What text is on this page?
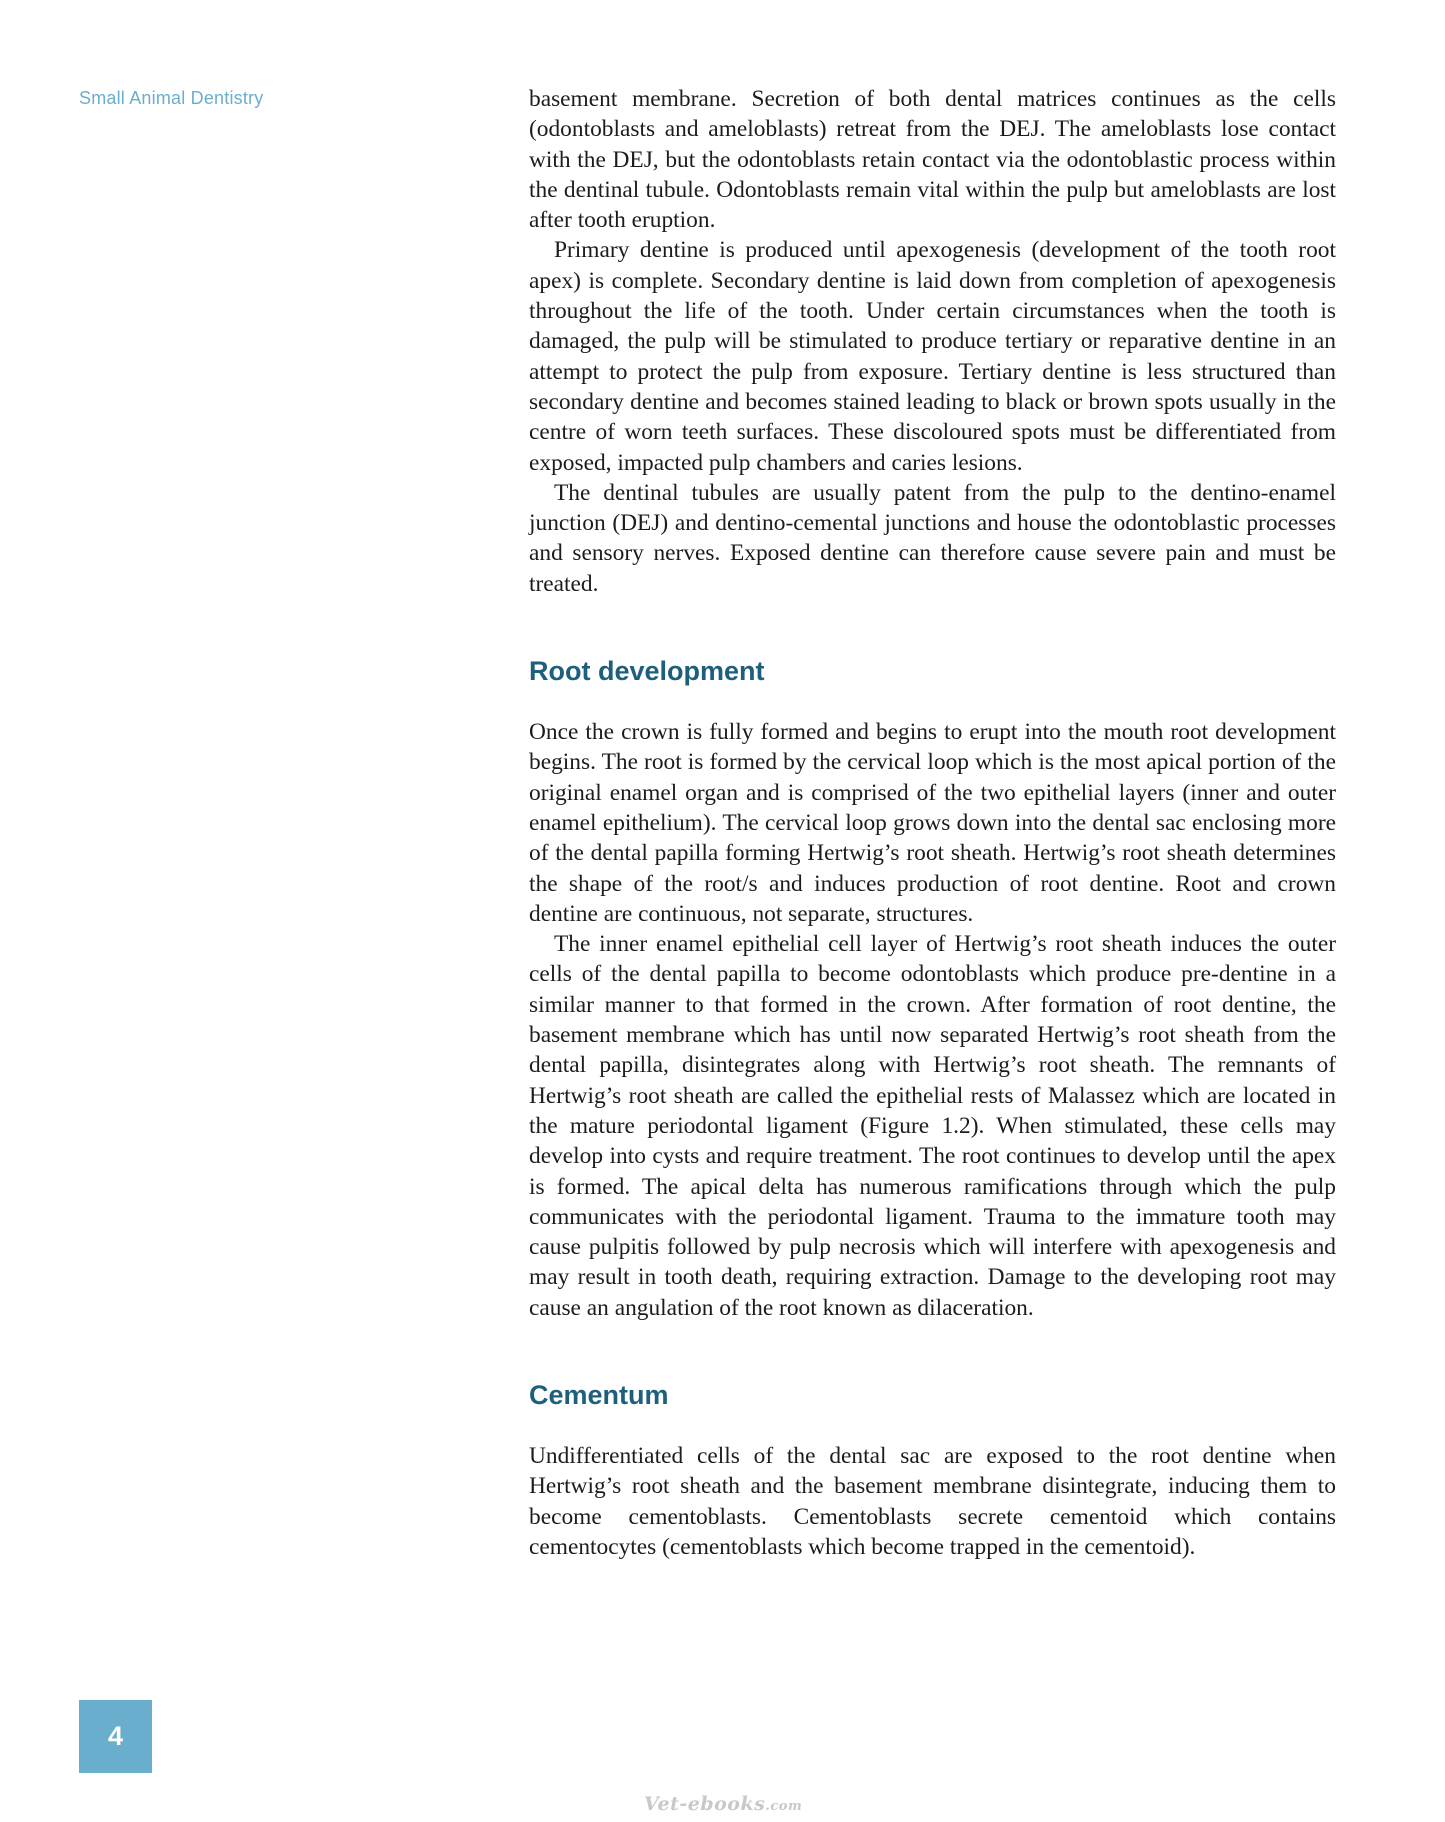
Small Animal Dentistry	basement membrane. Secretion of both dental matrices continues as the cells (odontoblasts and ameloblasts) retreat from the DEJ. The ameloblasts lose contact with the DEJ, but the odontoblasts retain contact via the odontoblastic process within the dentinal tubule. Odontoblasts remain vital within the pulp but ameloblasts are lost after tooth eruption.

Primary dentine is produced until apexogenesis (development of the tooth root apex) is complete. Secondary dentine is laid down from completion of apexogenesis throughout the life of the tooth. Under certain circumstances when the tooth is damaged, the pulp will be stimulated to produce tertiary or reparative dentine in an attempt to protect the pulp from exposure. Tertiary dentine is less structured than secondary dentine and becomes stained leading to black or brown spots usually in the centre of worn teeth surfaces. These discoloured spots must be differentiated from exposed, impacted pulp chambers and caries lesions.

The dentinal tubules are usually patent from the pulp to the dentino-enamel junction (DEJ) and dentino-cemental junctions and house the odontoblastic processes and sensory nerves. Exposed dentine can therefore cause severe pain and must be treated.

Root development

Once the crown is fully formed and begins to erupt into the mouth root development begins. The root is formed by the cervical loop which is the most apical portion of the original enamel organ and is comprised of the two epithelial layers (inner and outer enamel epithelium). The cervical loop grows down into the dental sac enclosing more of the dental papilla forming Hertwig’s root sheath. Hertwig’s root sheath determines the shape of the root/s and induces production of root dentine. Root and crown dentine are continuous, not separate, structures.

The inner enamel epithelial cell layer of Hertwig’s root sheath induces the outer cells of the dental papilla to become odontoblasts which produce pre-dentine in a similar manner to that formed in the crown. After formation of root dentine, the basement membrane which has until now separated Hertwig’s root sheath from the dental papilla, disintegrates along with Hertwig’s root sheath. The remnants of Hertwig’s root sheath are called the epithelial rests of Malassez which are located in the mature periodontal ligament (Figure 1.2). When stimulated, these cells may develop into cysts and require treatment. The root continues to develop until the apex is formed. The apical delta has numerous ramifications through which the pulp communicates with the periodontal ligament. Trauma to the immature tooth may cause pulpitis followed by pulp necrosis which will interfere with apexogenesis and may result in tooth death, requiring extraction. Damage to the developing root may cause an angulation of the root known as dilaceration.

Cementum

Undifferentiated cells of the dental sac are exposed to the root dentine when Hertwig’s root sheath and the basement membrane disintegrate, inducing them to become cementoblasts. Cementoblasts secrete cementoid which contains cementocytes (cementoblasts which become trapped in the cementoid).

4
Vet-ebooks.com
